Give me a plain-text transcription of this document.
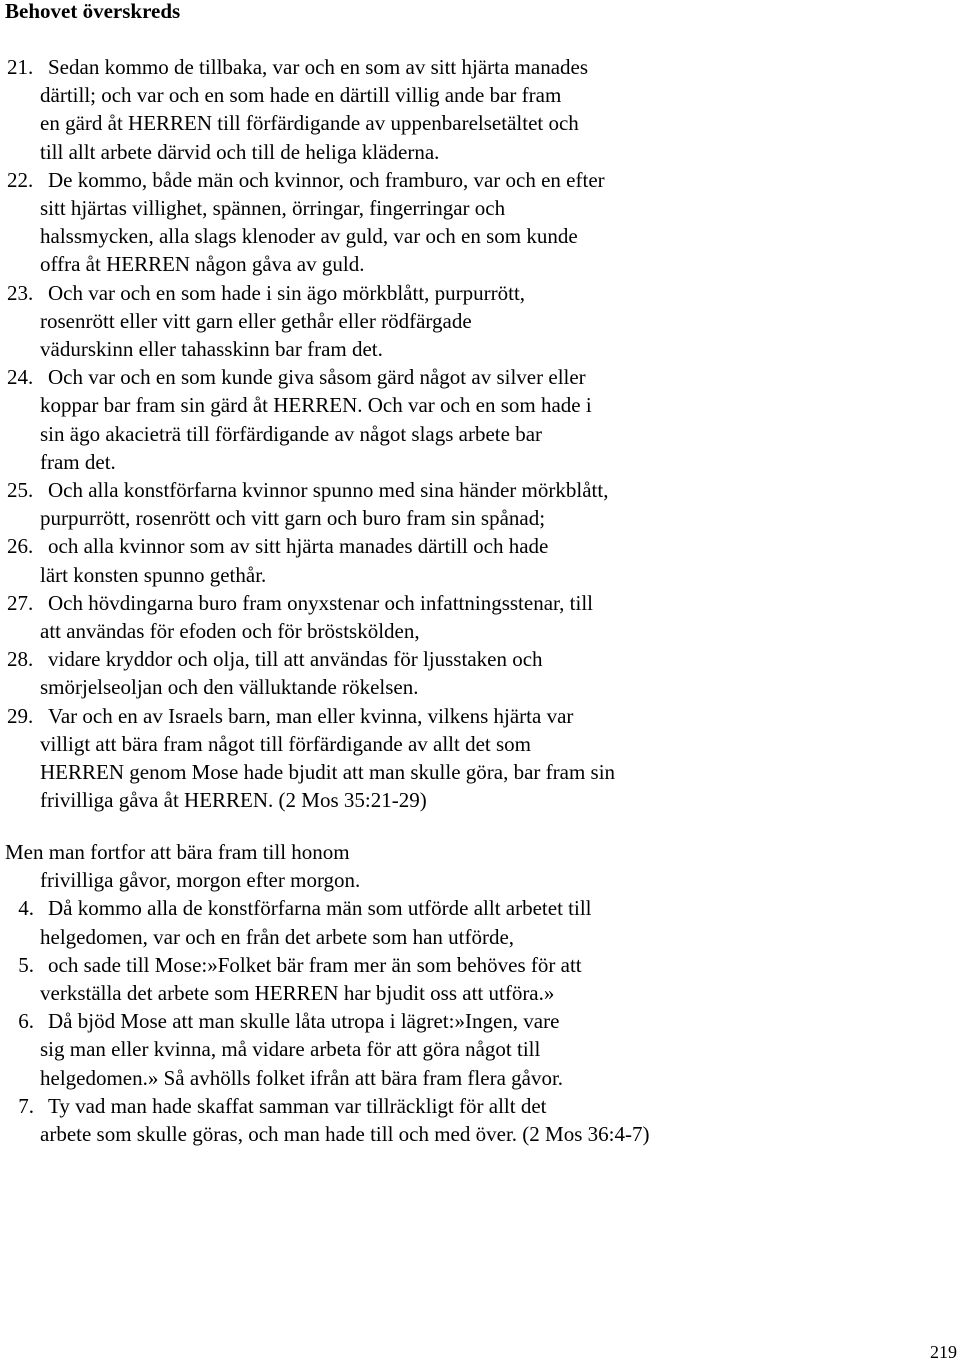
Behovet överskreds
21. Sedan kommo de tillbaka, var och en som av sitt hjärta manades
därtill; och var och en som hade en därtill villig ande bar fram
en gärd åt HERREN till förfärdigande av uppenbarelsetältet och
till allt arbete därvid och till de heliga kläderna.
22. De kommo, både män och kvinnor, och framburo, var och en efter
sitt hjärtas villighet, spännen, örringar, fingerringar och
halssmycken, alla slags klenoder av guld, var och en som kunde
offra åt HERREN någon gåva av guld.
23. Och var och en som hade i sin ägo mörkblått, purpurrött,
rosenrött eller vitt garn eller gethår eller rödfärgade
vädurskinn eller tahasskinn bar fram det.
24. Och var och en som kunde giva såsom gärd något av silver eller
koppar bar fram sin gärd åt HERREN. Och var och en som hade i
sin ägo akacieträ till förfärdigande av något slags arbete bar
fram det.
25. Och alla konstförfarna kvinnor spunno med sina händer mörkblått,
purpurrött, rosenrött och vitt garn och buro fram sin spånad;
26. och alla kvinnor som av sitt hjärta manades därtill och hade
lärt konsten spunno gethår.
27. Och hövdingarna buro fram onyxstenar och infattningsstenar, till
att användas för efoden och för bröstskölden,
28. vidare kryddor och olja, till att användas för ljusstaken och
smörjelseoljan och den välluktande rökelsen.
29. Var och en av Israels barn, man eller kvinna, vilkens hjärta var
villigt att bära fram något till förfärdigande av allt det som
HERREN genom Mose hade bjudit att man skulle göra, bar fram sin
frivilliga gåva åt HERREN. (2 Mos 35:21-29)
Men man fortfor att bära fram till honom
frivilliga gåvor, morgon efter morgon.
4. Då kommo alla de konstförfarna män som utförde allt arbetet till
helgedomen, var och en från det arbete som han utförde,
5. och sade till Mose:»Folket bär fram mer än som behöves för att
verkställa det arbete som HERREN har bjudit oss att utföra.»
6. Då bjöd Mose att man skulle låta utropa i lägret:»Ingen, vare
sig man eller kvinna, må vidare arbeta för att göra något till
helgedomen.» Så avhölls folket ifrån att bära fram flera gåvor.
7. Ty vad man hade skaffat samman var tillräckligt för allt det
arbete som skulle göras, och man hade till och med över. (2 Mos 36:4-7)
219
